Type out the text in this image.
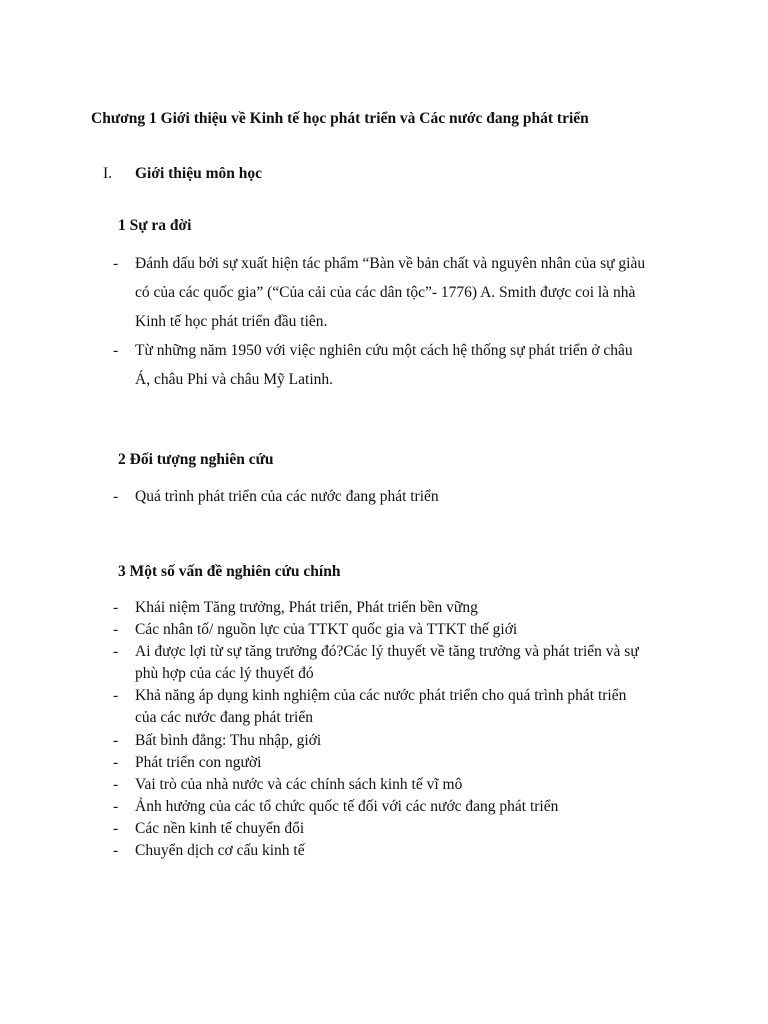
Chương 1 Giới thiệu về Kinh tế học phát triển và Các nước đang phát triển
I. Giới thiệu môn học
1 Sự ra đời
- Đánh dấu bởi sự xuất hiện tác phẩm “Bàn về bản chất và nguyên nhân của sự giàu
có của các quốc gia” (“Của cải của các dân tộc”- 1776) A. Smith được coi là nhà
Kinh tế học phát triển đầu tiên.
- Từ những năm 1950 với việc nghiên cứu một cách hệ thống sự phát triển ở châu
Á, châu Phi và châu Mỹ Latinh.
2 Đối tượng nghiên cứu
- Quá trình phát triển của các nước đang phát triển
3 Một số vấn đề nghiên cứu chính
- Khái niệm Tăng trưởng, Phát triển, Phát triển bền vững
- Các nhân tố/ nguồn lực của TTKT quốc gia và TTKT thế giới
- Ai được lợi từ sự tăng trưởng đó?Các lý thuyết về tăng trưởng và phát triển và sự
phù hợp của các lý thuyết đó
- Khả năng áp dụng kinh nghiệm của các nước phát triển cho quá trình phát triển
của các nước đang phát triển
- Bất bình đẳng: Thu nhập, giới
- Phát triển con người
- Vai trò của nhà nước và các chính sách kinh tế vĩ mô
- Ảnh hưởng của các tổ chức quốc tế đối với các nước đang phát triển
- Các nền kinh tế chuyển đổi
- Chuyển dịch cơ cấu kinh tế
